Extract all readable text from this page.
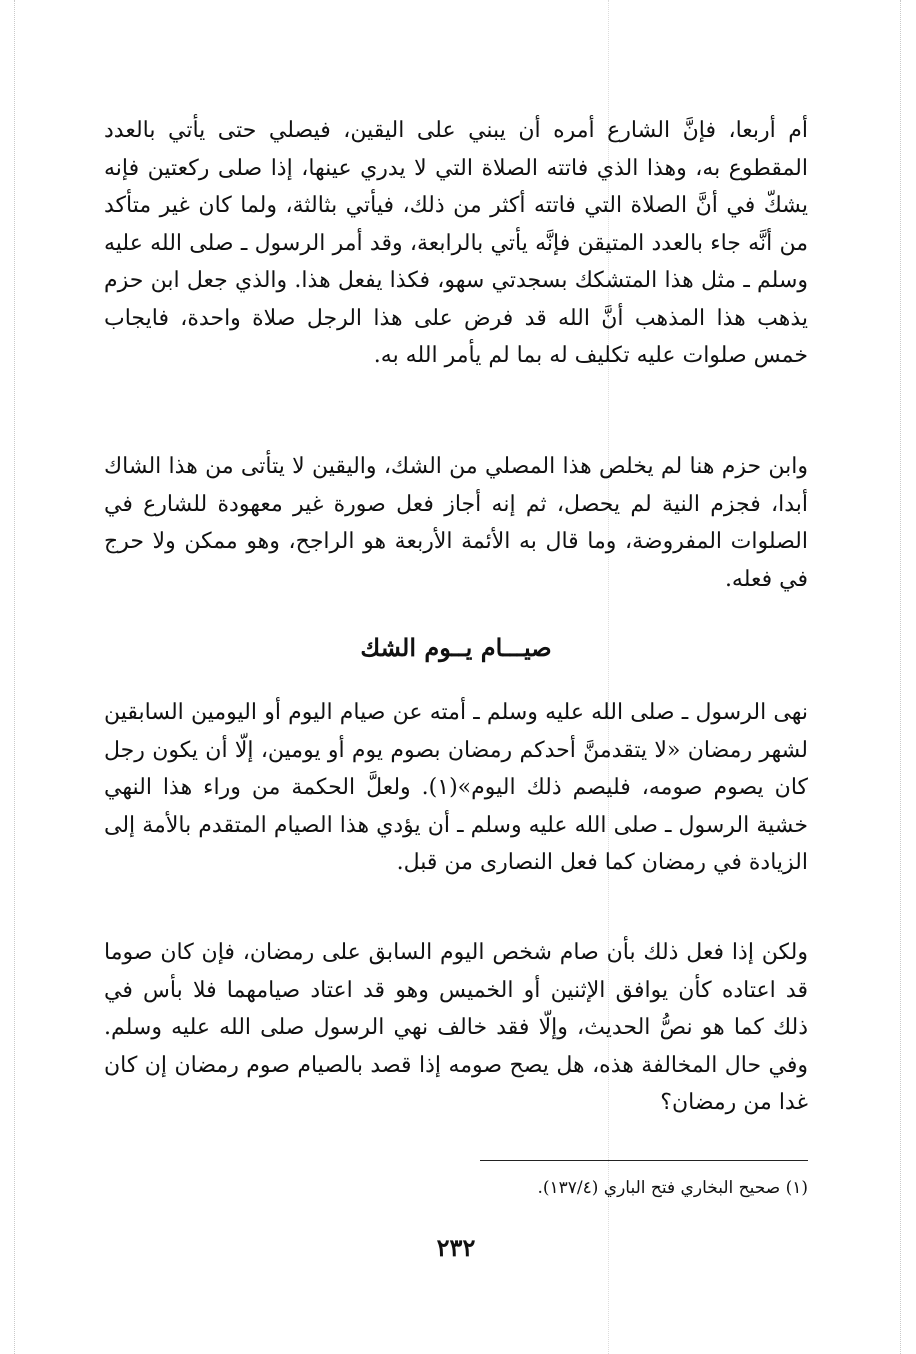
أم أربعا، فإنَّ الشارع أمره أن يبني على اليقين، فيصلي حتى يأتي بالعدد المقطوع به، وهذا الذي فاتته الصلاة التي لا يدري عينها، إذا صلى ركعتين فإنه يشكّ في أنَّ الصلاة التي فاتته أكثر من ذلك، فيأتي بثالثة، ولما كان غير متأكد من أنَّه جاء بالعدد المتيقن فإنَّه يأتي بالرابعة، وقد أمر الرسول ـ صلى الله عليه وسلم ـ مثل هذا المتشكك بسجدتي سهو، فكذا يفعل هذا. والذي جعل ابن حزم يذهب هذا المذهب أنَّ الله قد فرض على هذا الرجل صلاة واحدة، فايجاب خمس صلوات عليه تكليف له بما لم يأمر الله به.

وابن حزم هنا لم يخلص هذا المصلي من الشك، واليقين لا يتأتى من هذا الشاك أبدا، فجزم النية لم يحصل، ثم إنه أجاز فعل صورة غير معهودة للشارع في الصلوات المفروضة، وما قال به الأئمة الأربعة هو الراجح، وهو ممكن ولا حرج في فعله.

صيـــام يــوم الشك

نهى الرسول ـ صلى الله عليه وسلم ـ أمته عن صيام اليوم أو اليومين السابقين لشهر رمضان «لا يتقدمنَّ أحدكم رمضان بصوم يوم أو يومين، إلّا أن يكون رجل كان يصوم صومه، فليصم ذلك اليوم»(١). ولعلَّ الحكمة من وراء هذا النهي خشية الرسول ـ صلى الله عليه وسلم ـ أن يؤدي هذا الصيام المتقدم بالأمة إلى الزيادة في رمضان كما فعل النصارى من قبل.

ولكن إذا فعل ذلك بأن صام شخص اليوم السابق على رمضان، فإن كان صوما قد اعتاده كأن يوافق الإثنين أو الخميس وهو قد اعتاد صيامهما فلا بأس في ذلك كما هو نصُّ الحديث، وإلّا فقد خالف نهي الرسول صلى الله عليه وسلم. وفي حال المخالفة هذه، هل يصح صومه إذا قصد بالصيام صوم رمضان إن كان غدا من رمضان؟

(١) صحيح البخاري فتح الباري (١٣٧/٤).
٢٣٢
